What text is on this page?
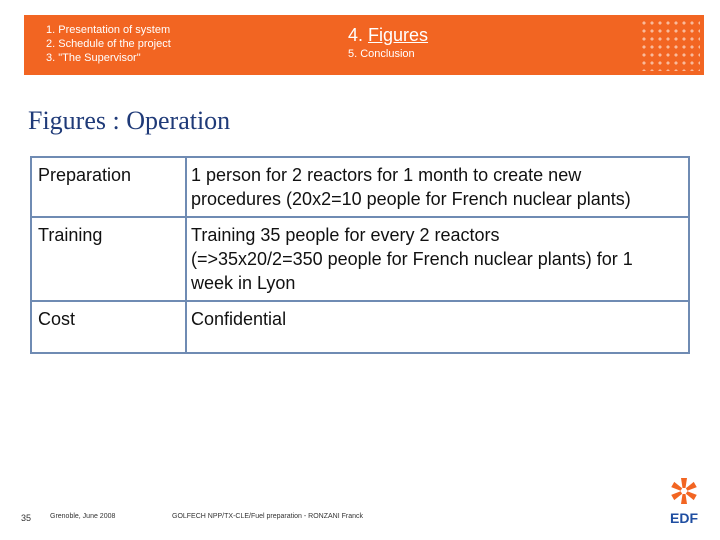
1. Presentation of system
2. Schedule of the project
3. "The Supervisor"
4. Figures
5. Conclusion
Figures : Operation
Preparation	1 person for 2 reactors for 1 month to create new
procedures (20x2=10 people for French nuclear plants)

Training	Training 35 people for every 2 reactors
(=>35x20/2=350 people for French nuclear plants) for 1
week in Lyon

Cost	Confidential
35	Grenoble, June 2008	GOLFECH NPP/TX-CLE/Fuel preparation - RONZANI Franck	EDF
